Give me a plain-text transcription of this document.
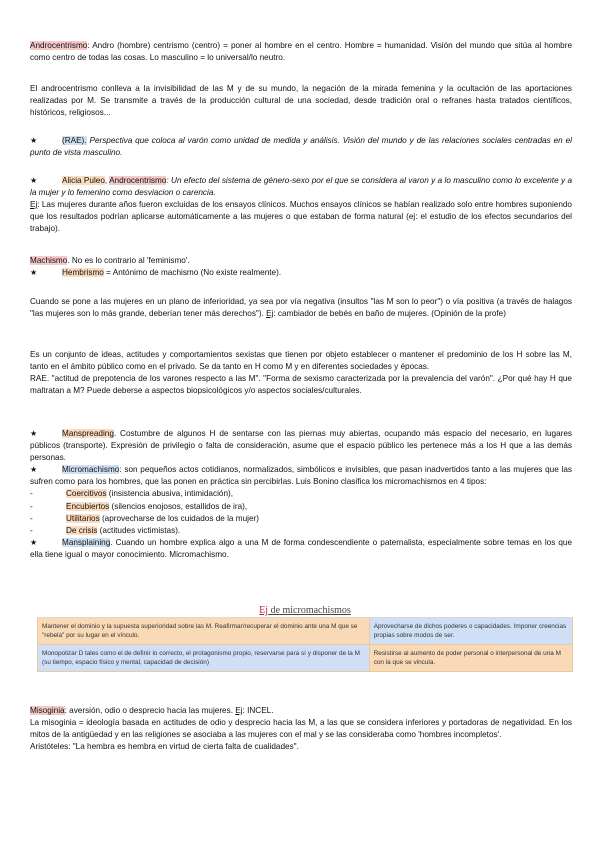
Androcentrismo: Andro (hombre) centrismo (centro) = poner al hombre en el centro. Hombre = humanidad. Visión del mundo que sitúa al hombre como centro de todas las cosas. Lo masculino = lo universal/lo neutro.

El androcentrismo conlleva a la invisibilidad de las M y de su mundo, la negación de la mirada femenina y la ocultación de las aportaciones realizadas por M. Se transmite a través de la producción cultural de una sociedad, desde tradición oral o refranes hasta tratados científicos, históricos, religiosos...

★	(RAE). Perspectiva que coloca al varón como unidad de medida y análisis. Visión del mundo y de las relaciones sociales centradas en el punto de vista masculino.

★	Alicia Puleo, Androcentrismo: Un efecto del sistema de género-sexo por el que se considera al varon y a lo masculino como lo excelente y a la mujer y lo femenino como desviacion o carencia.
Ej: Las mujeres durante años fueron excluidas de los ensayos clínicos. Muchos ensayos clínicos se habían realizado solo entre hombres suponiendo que los resultados podrían aplicarse automáticamente a las mujeres o que estaban de forma natural (ej: el estudio de los efectos secundarios del trabajo).

Machismo. No es lo contrario al 'feminismo'.
★	Hembrismo = Antónimo de machismo (No existe realmente).

Cuando se pone a las mujeres en un plano de inferioridad, ya sea por vía negativa (insultos "las M son lo peor") o vía positiva (a través de halagos "las mujeres son lo más grande, deberían tener más derechos"). Ej: cambiador de bebés en baño de mujeres. (Opinión de la profe)

Es un conjunto de ideas, actitudes y comportamientos sexistas que tienen por objeto establecer o mantener el predominio de los H sobre las M, tanto en el ámbito público como en el privado. Se da tanto en H como M y en diferentes sociedades y épocas.
RAE. "actitud de prepotencia de los varones respecto a las M". "Forma de sexismo caracterizada por la prevalencia del varón". ¿Por qué hay H que maltratan a M? Puede deberse a aspectos biopsicológicos y/o aspectos sociales/culturales.

★	Manspreading. Costumbre de algunos H de sentarse con las piernas muy abiertas, ocupando más espacio del necesario, en lugares públicos (transporte). Expresión de privilegio o falta de consideración, asume que el espacio público les pertenece más a los H que a las demás personas.
★	Micromachismo: son pequeños actos cotidianos, normalizados, simbólicos e invisibles, que pasan inadvertidos tanto a las mujeres que las sufren como para los hombres, que las ponen en práctica sin percibirlas. Luis Bonino clasifica los micromachismos en 4 tipos:
-	Coercitivos (insistencia abusiva, intimidación),
-	Encubiertos (silencios enojosos, estallidos de ira),
-	Utilitarios (aprovecharse de los cuidados de la mujer)
-	De crisis (actitudes victimistas).
★	Mansplaining. Cuando un hombre explica algo a una M de forma condescendiente o paternalista, especialmente sobre temas en los que ella tiene igual o mayor conocimiento. Micromachismo.

Ej de micromachismos	
Mantener el dominio y la supuesta superioridad sobre las M. Reafirmar/recuperar el dominio ante una M que se "rebela" por su lugar en el vínculo.	Aprovecharse de dichos poderes o capacidades. Imponer creencias propias sobre modos de ser.
Monopolizar D tales como el de definir lo correcto, el protagonismo propio, reservarse para sí y disponer de la M (su tiempo, espacio físico y mental, capacidad de decisión)	Resistirse al aumento de poder personal o interpersonal de una M con la que se vincula.

Misoginia: aversión, odio o desprecio hacia las mujeres. Ej: INCEL.
La misoginia = ideología basada en actitudes de odio y desprecio hacia las M, a las que se considera inferiores y portadoras de negatividad. En los mitos de la antigüedad y en las religiones se asociaba a las mujeres con el mal y se las consideraba como 'hombres incompletos'.
Aristóteles: "La hembra es hembra en virtud de cierta falta de cualidades".
